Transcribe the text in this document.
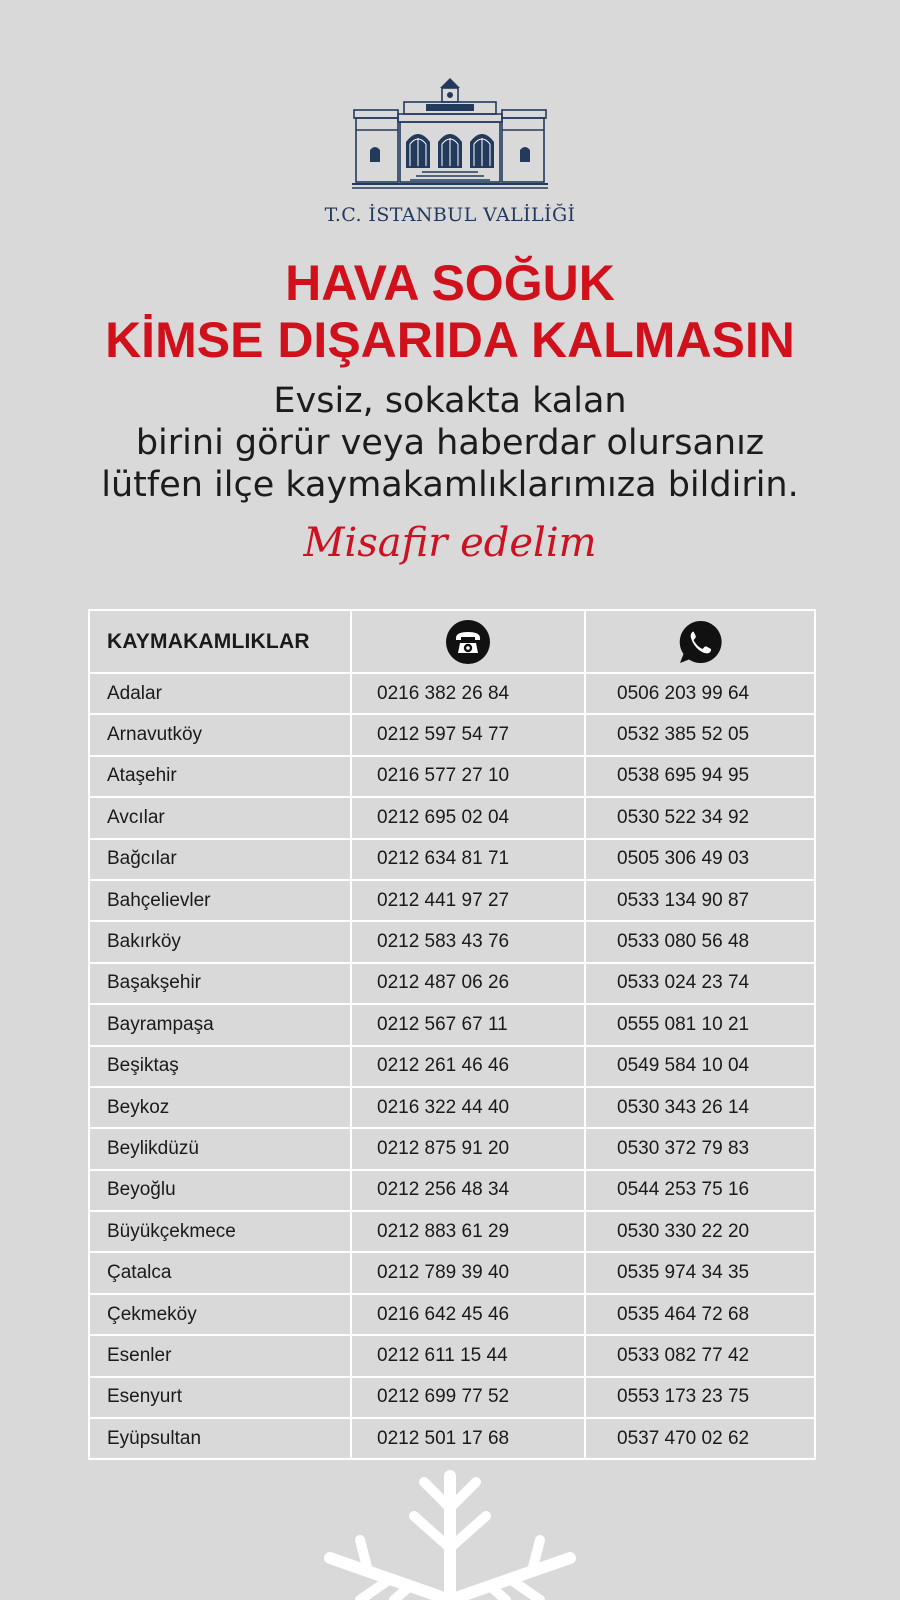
T.C. İSTANBUL VALİLİĞİ
HAVA SOĞUK
KİMSE DIŞARIDA KALMASIN
Evsiz, sokakta kalan
birini görür veya haberdar olursanız
lütfen ilçe kaymakamlıklarımıza bildirin.
Misafir edelim
KAYMAKAMLIKLAR		
Adalar	0216 382 26 84	0506 203 99 64
Arnavutköy	0212 597 54 77	0532 385 52 05
Ataşehir	0216 577 27 10	0538 695 94 95
Avcılar	0212 695 02 04	0530 522 34 92
Bağcılar	0212 634 81 71	0505 306 49 03
Bahçelievler	0212 441 97 27	0533 134 90 87
Bakırköy	0212 583 43 76	0533 080 56 48
Başakşehir	0212 487 06 26	0533 024 23 74
Bayrampaşa	0212 567 67 11	0555 081 10 21
Beşiktaş	0212 261 46 46	0549 584 10 04
Beykoz	0216 322 44 40	0530 343 26 14
Beylikdüzü	0212 875 91 20	0530 372 79 83
Beyoğlu	0212 256 48 34	0544 253 75 16
Büyükçekmece	0212 883 61 29	0530 330 22 20
Çatalca	0212 789 39 40	0535 974 34 35
Çekmeköy	0216 642 45 46	0535 464 72 68
Esenler	0212 611 15 44	0533 082 77 42
Esenyurt	0212 699 77 52	0553 173 23 75
Eyüpsultan	0212 501 17 68	0537 470 02 62
